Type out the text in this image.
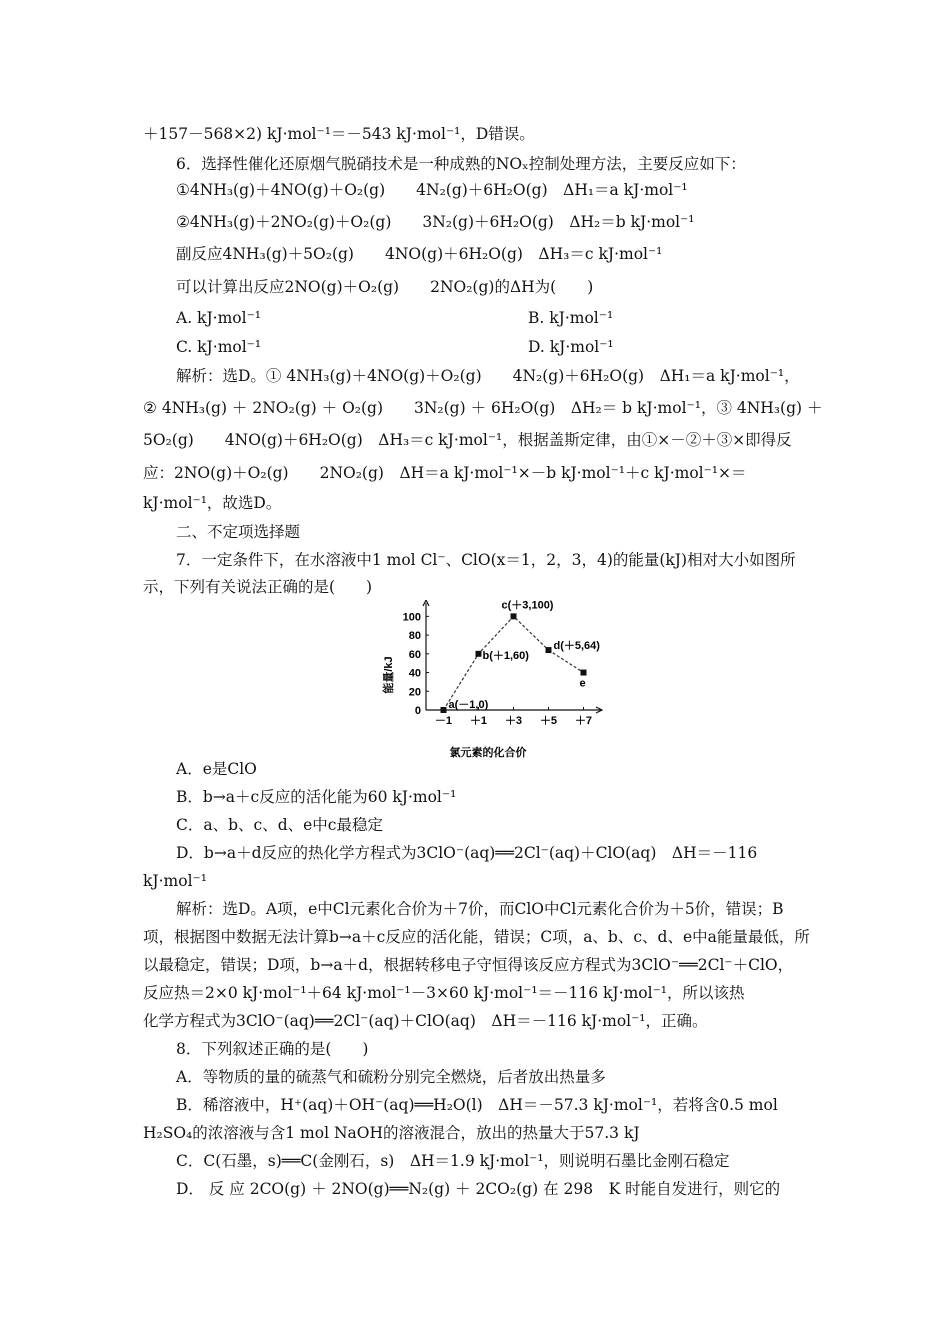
＋157－568×2) kJ·mol⁻¹＝－543 kJ·mol⁻¹，D错误。
6．选择性催化还原烟气脱硝技术是一种成熟的NOₓ控制处理方法，主要反应如下：
①4NH₃(g)＋4NO(g)＋O₂(g)　　4N₂(g)＋6H₂O(g)　ΔH₁＝a kJ·mol⁻¹
②4NH₃(g)＋2NO₂(g)＋O₂(g)　　3N₂(g)＋6H₂O(g)　ΔH₂＝b kJ·mol⁻¹
副反应4NH₃(g)＋5O₂(g)　　4NO(g)＋6H₂O(g)　ΔH₃＝c kJ·mol⁻¹
可以计算出反应2NO(g)＋O₂(g)　　2NO₂(g)的ΔH为(　　)
A. kJ·mol⁻¹	B. kJ·mol⁻¹
C. kJ·mol⁻¹	D. kJ·mol⁻¹
解析：选D。① 4NH₃(g)＋4NO(g)＋O₂(g)　　4N₂(g)＋6H₂O(g)　ΔH₁＝a kJ·mol⁻¹，
② 4NH₃(g) ＋ 2NO₂(g) ＋ O₂(g)　　3N₂(g) ＋ 6H₂O(g)　ΔH₂＝ b kJ·mol⁻¹，③ 4NH₃(g) ＋
5O₂(g)　　4NO(g)＋6H₂O(g)　ΔH₃＝c kJ·mol⁻¹，根据盖斯定律，由①×－②＋③×即得反
应：2NO(g)＋O₂(g)　　2NO₂(g)　ΔH＝a kJ·mol⁻¹×－b kJ·mol⁻¹＋c kJ·mol⁻¹×＝
kJ·mol⁻¹，故选D。
二、不定项选择题
7．一定条件下，在水溶液中1 mol Cl⁻、ClO(x＝1，2，3，4)的能量(kJ)相对大小如图所
示，下列有关说法正确的是(　　)
0
20
40
60
80
100
－1 ＋1 ＋3 ＋5 ＋7
a(－1,0)
b(＋1,60)
c(＋3,100)
d(＋5,64)
e
能量/kJ
氯元素的化合价
A．e是ClO
B．b→a＋c反应的活化能为60 kJ·mol⁻¹
C．a、b、c、d、e中c最稳定
D．b→a＋d反应的热化学方程式为3ClO⁻(aq)══2Cl⁻(aq)＋ClO(aq)　ΔH＝－116
kJ·mol⁻¹
解析：选D。A项，e中Cl元素化合价为＋7价，而ClO中Cl元素化合价为＋5价，错误；B
项，根据图中数据无法计算b→a＋c反应的活化能，错误；C项，a、b、c、d、e中a能量最低，所
以最稳定，错误；D项，b→a＋d，根据转移电子守恒得该反应方程式为3ClO⁻══2Cl⁻＋ClO，
反应热＝2×0 kJ·mol⁻¹＋64 kJ·mol⁻¹－3×60 kJ·mol⁻¹＝－116 kJ·mol⁻¹，所以该热
化学方程式为3ClO⁻(aq)══2Cl⁻(aq)＋ClO(aq)　ΔH＝－116 kJ·mol⁻¹，正确。
8．下列叙述正确的是(　　)
A．等物质的量的硫蒸气和硫粉分别完全燃烧，后者放出热量多
B．稀溶液中，H⁺(aq)＋OH⁻(aq)══H₂O(l)　ΔH＝－57.3 kJ·mol⁻¹，若将含0.5 mol
H₂SO₄的浓溶液与含1 mol NaOH的溶液混合，放出的热量大于57.3 kJ
C．C(石墨，s)══C(金刚石，s)　ΔH＝1.9 kJ·mol⁻¹，则说明石墨比金刚石稳定
D． 反 应 2CO(g) ＋ 2NO(g)══N₂(g) ＋ 2CO₂(g) 在 298　K 时能自发进行，则它的
